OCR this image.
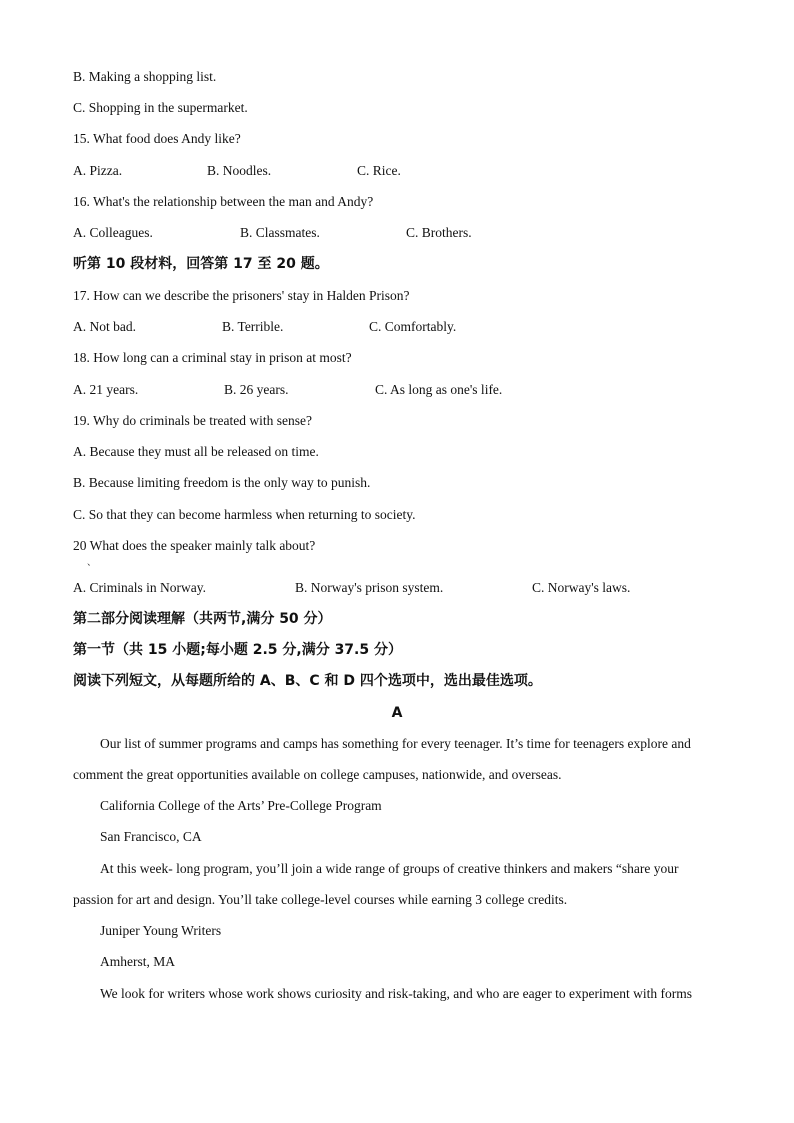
B. Making a shopping list.
C. Shopping in the supermarket.
15. What food does Andy like?
A. Pizza.	B. Noodles.	C. Rice.
16. What's the relationship between the man and Andy?
A. Colleagues.	B. Classmates.	C. Brothers.
听第 10 段材料，回答第 17 至 20 题。
17. How can we describe the prisoners' stay in Halden Prison?
A. Not bad.	B. Terrible.	C. Comfortably.
18. How long can a criminal stay in prison at most?
A. 21 years.	B. 26 years.	C. As long as one's life.
19. Why do criminals be treated with sense?
A. Because they must all be released on time.
B. Because limiting freedom is the only way to punish.
C. So that they can become harmless when returning to society.
20 What does the speaker mainly talk about?
、
A. Criminals in Norway.	B. Norway's prison system.	C. Norway's laws.
第二部分阅读理解（共两节,满分 50 分）
第一节（共 15 小题;每小题 2.5 分,满分 37.5 分）
阅读下列短文，从每题所给的 A、B、C 和 D 四个选项中，选出最佳选项。
A
Our list of summer programs and camps has something for every teenager. It’s time for teenagers explore and
comment the great opportunities available on college campuses, nationwide, and overseas.
California College of the Arts’ Pre-College Program
San Francisco, CA
At this week- long program, you’ll join a wide range of groups of creative thinkers and makers “share your
passion for art and design. You’ll take college-level courses while earning 3 college credits.
Juniper Young Writers
Amherst, MA
We look for writers whose work shows curiosity and risk-taking, and who are eager to experiment with forms
